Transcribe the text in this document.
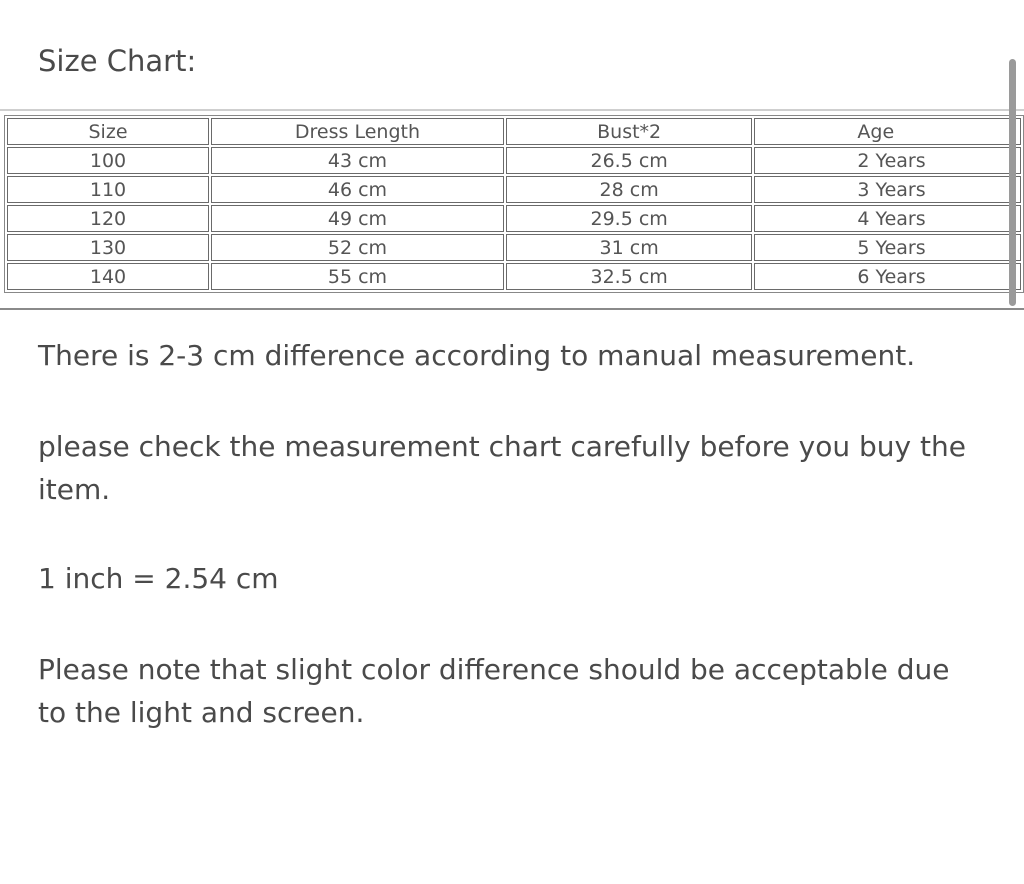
Size Chart:
Size	Dress Length	Bust*2	Age
100	43 cm	26.5 cm	2 Years
110	46 cm	28 cm	3 Years
120	49 cm	29.5 cm	4 Years
130	52 cm	31 cm	5 Years
140	55 cm	32.5 cm	6 Years
There is 2-3 cm difference according to manual measurement.
please check the measurement chart carefully before you buy the item.
1 inch = 2.54 cm
Please note that slight color difference should be acceptable due to the light and screen.
